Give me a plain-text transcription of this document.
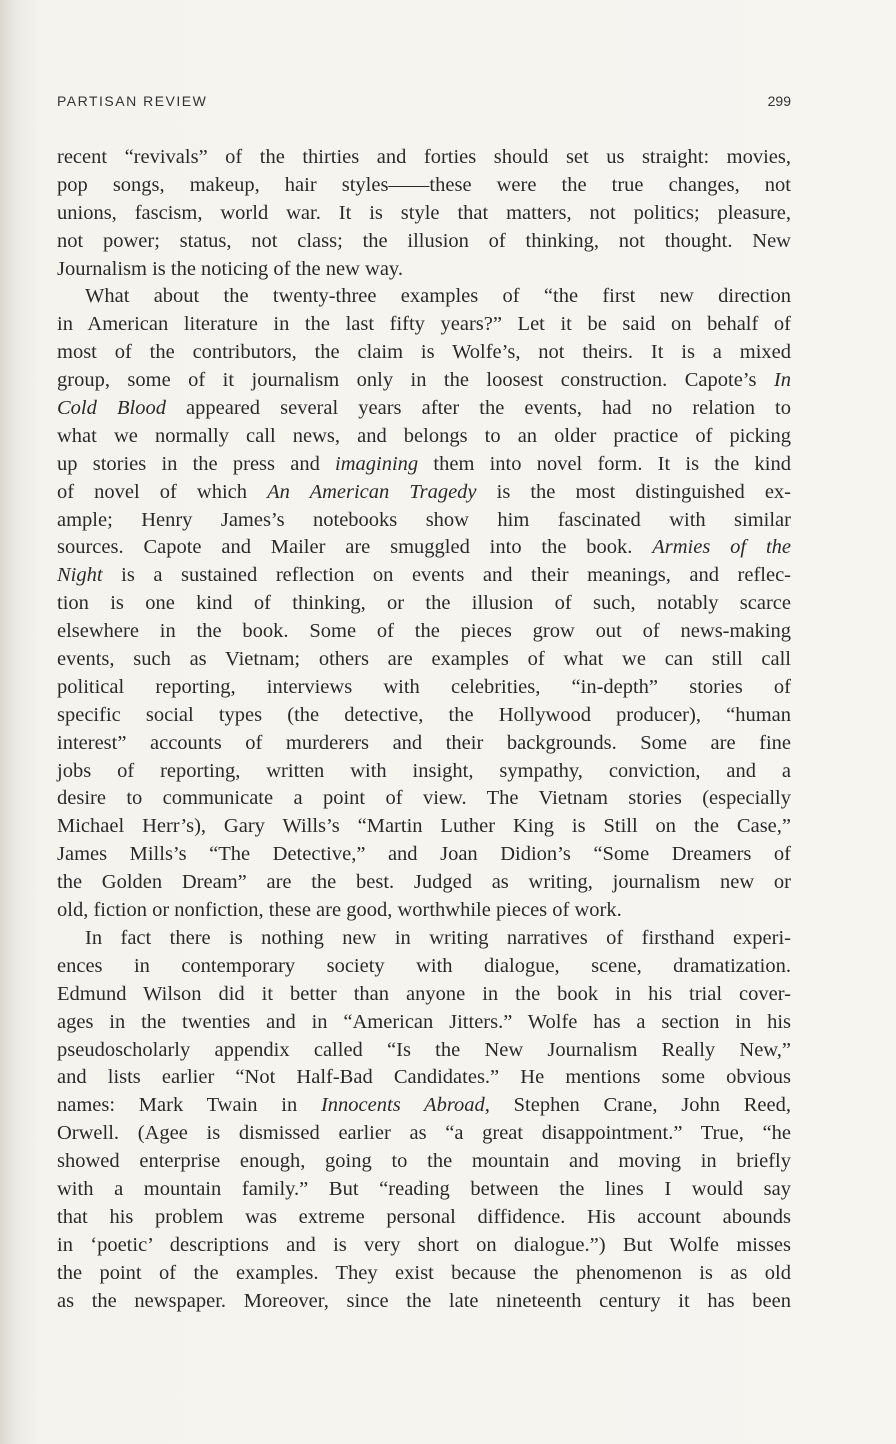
PARTISAN REVIEW	299
recent “revivals” of the thirties and forties should set us straight: movies,
pop songs, makeup, hair styles——these were the true changes, not
unions, fascism, world war. It is style that matters, not politics; pleasure,
not power; status, not class; the illusion of thinking, not thought. New
Journalism is the noticing of the new way.
What about the twenty-three examples of “the first new direction
in American literature in the last fifty years?” Let it be said on behalf of
most of the contributors, the claim is Wolfe’s, not theirs. It is a mixed
group, some of it journalism only in the loosest construction. Capote’s In
Cold Blood appeared several years after the events, had no relation to
what we normally call news, and belongs to an older practice of picking
up stories in the press and imagining them into novel form. It is the kind
of novel of which An American Tragedy is the most distinguished ex-
ample; Henry James’s notebooks show him fascinated with similar
sources. Capote and Mailer are smuggled into the book. Armies of the
Night is a sustained reflection on events and their meanings, and reflec-
tion is one kind of thinking, or the illusion of such, notably scarce
elsewhere in the book. Some of the pieces grow out of news-making
events, such as Vietnam; others are examples of what we can still call
political reporting, interviews with celebrities, “in-depth” stories of
specific social types (the detective, the Hollywood producer), “human
interest” accounts of murderers and their backgrounds. Some are fine
jobs of reporting, written with insight, sympathy, conviction, and a
desire to communicate a point of view. The Vietnam stories (especially
Michael Herr’s), Gary Wills’s “Martin Luther King is Still on the Case,”
James Mills’s “The Detective,” and Joan Didion’s “Some Dreamers of
the Golden Dream” are the best. Judged as writing, journalism new or
old, fiction or nonfiction, these are good, worthwhile pieces of work.
In fact there is nothing new in writing narratives of firsthand experi-
ences in contemporary society with dialogue, scene, dramatization.
Edmund Wilson did it better than anyone in the book in his trial cover-
ages in the twenties and in “American Jitters.” Wolfe has a section in his
pseudoscholarly appendix called “Is the New Journalism Really New,”
and lists earlier “Not Half-Bad Candidates.” He mentions some obvious
names: Mark Twain in Innocents Abroad, Stephen Crane, John Reed,
Orwell. (Agee is dismissed earlier as “a great disappointment.” True, “he
showed enterprise enough, going to the mountain and moving in briefly
with a mountain family.” But “reading between the lines I would say
that his problem was extreme personal diffidence. His account abounds
in ‘poetic’ descriptions and is very short on dialogue.”) But Wolfe misses
the point of the examples. They exist because the phenomenon is as old
as the newspaper. Moreover, since the late nineteenth century it has been
